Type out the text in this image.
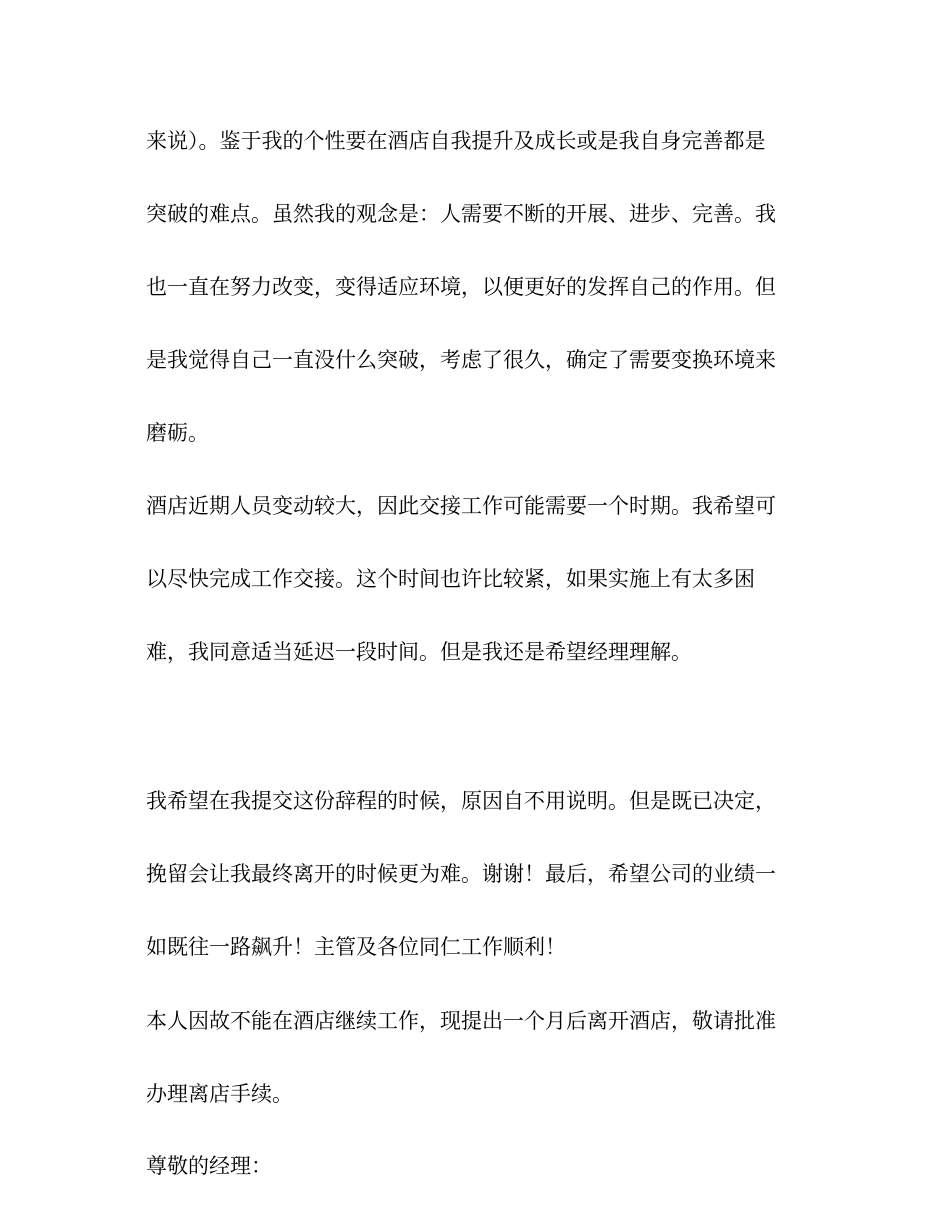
来说）。鉴于我的个性要在酒店自我提升及成长或是我自身完善都是
突破的难点。虽然我的观念是：人需要不断的开展、进步、完善。我
也一直在努力改变，变得适应环境，以便更好的发挥自己的作用。但
是我觉得自己一直没什么突破，考虑了很久，确定了需要变换环境来
磨砺。
酒店近期人员变动较大，因此交接工作可能需要一个时期。我希望可
以尽快完成工作交接。这个时间也许比较紧，如果实施上有太多困
难，我同意适当延迟一段时间。但是我还是希望经理理解。
我希望在我提交这份辞程的时候，原因自不用说明。但是既已决定，
挽留会让我最终离开的时候更为难。谢谢！最后，希望公司的业绩一
如既往一路飙升！主管及各位同仁工作顺利！
本人因故不能在酒店继续工作，现提出一个月后离开酒店，敬请批准
办理离店手续。
尊敬的经理：
